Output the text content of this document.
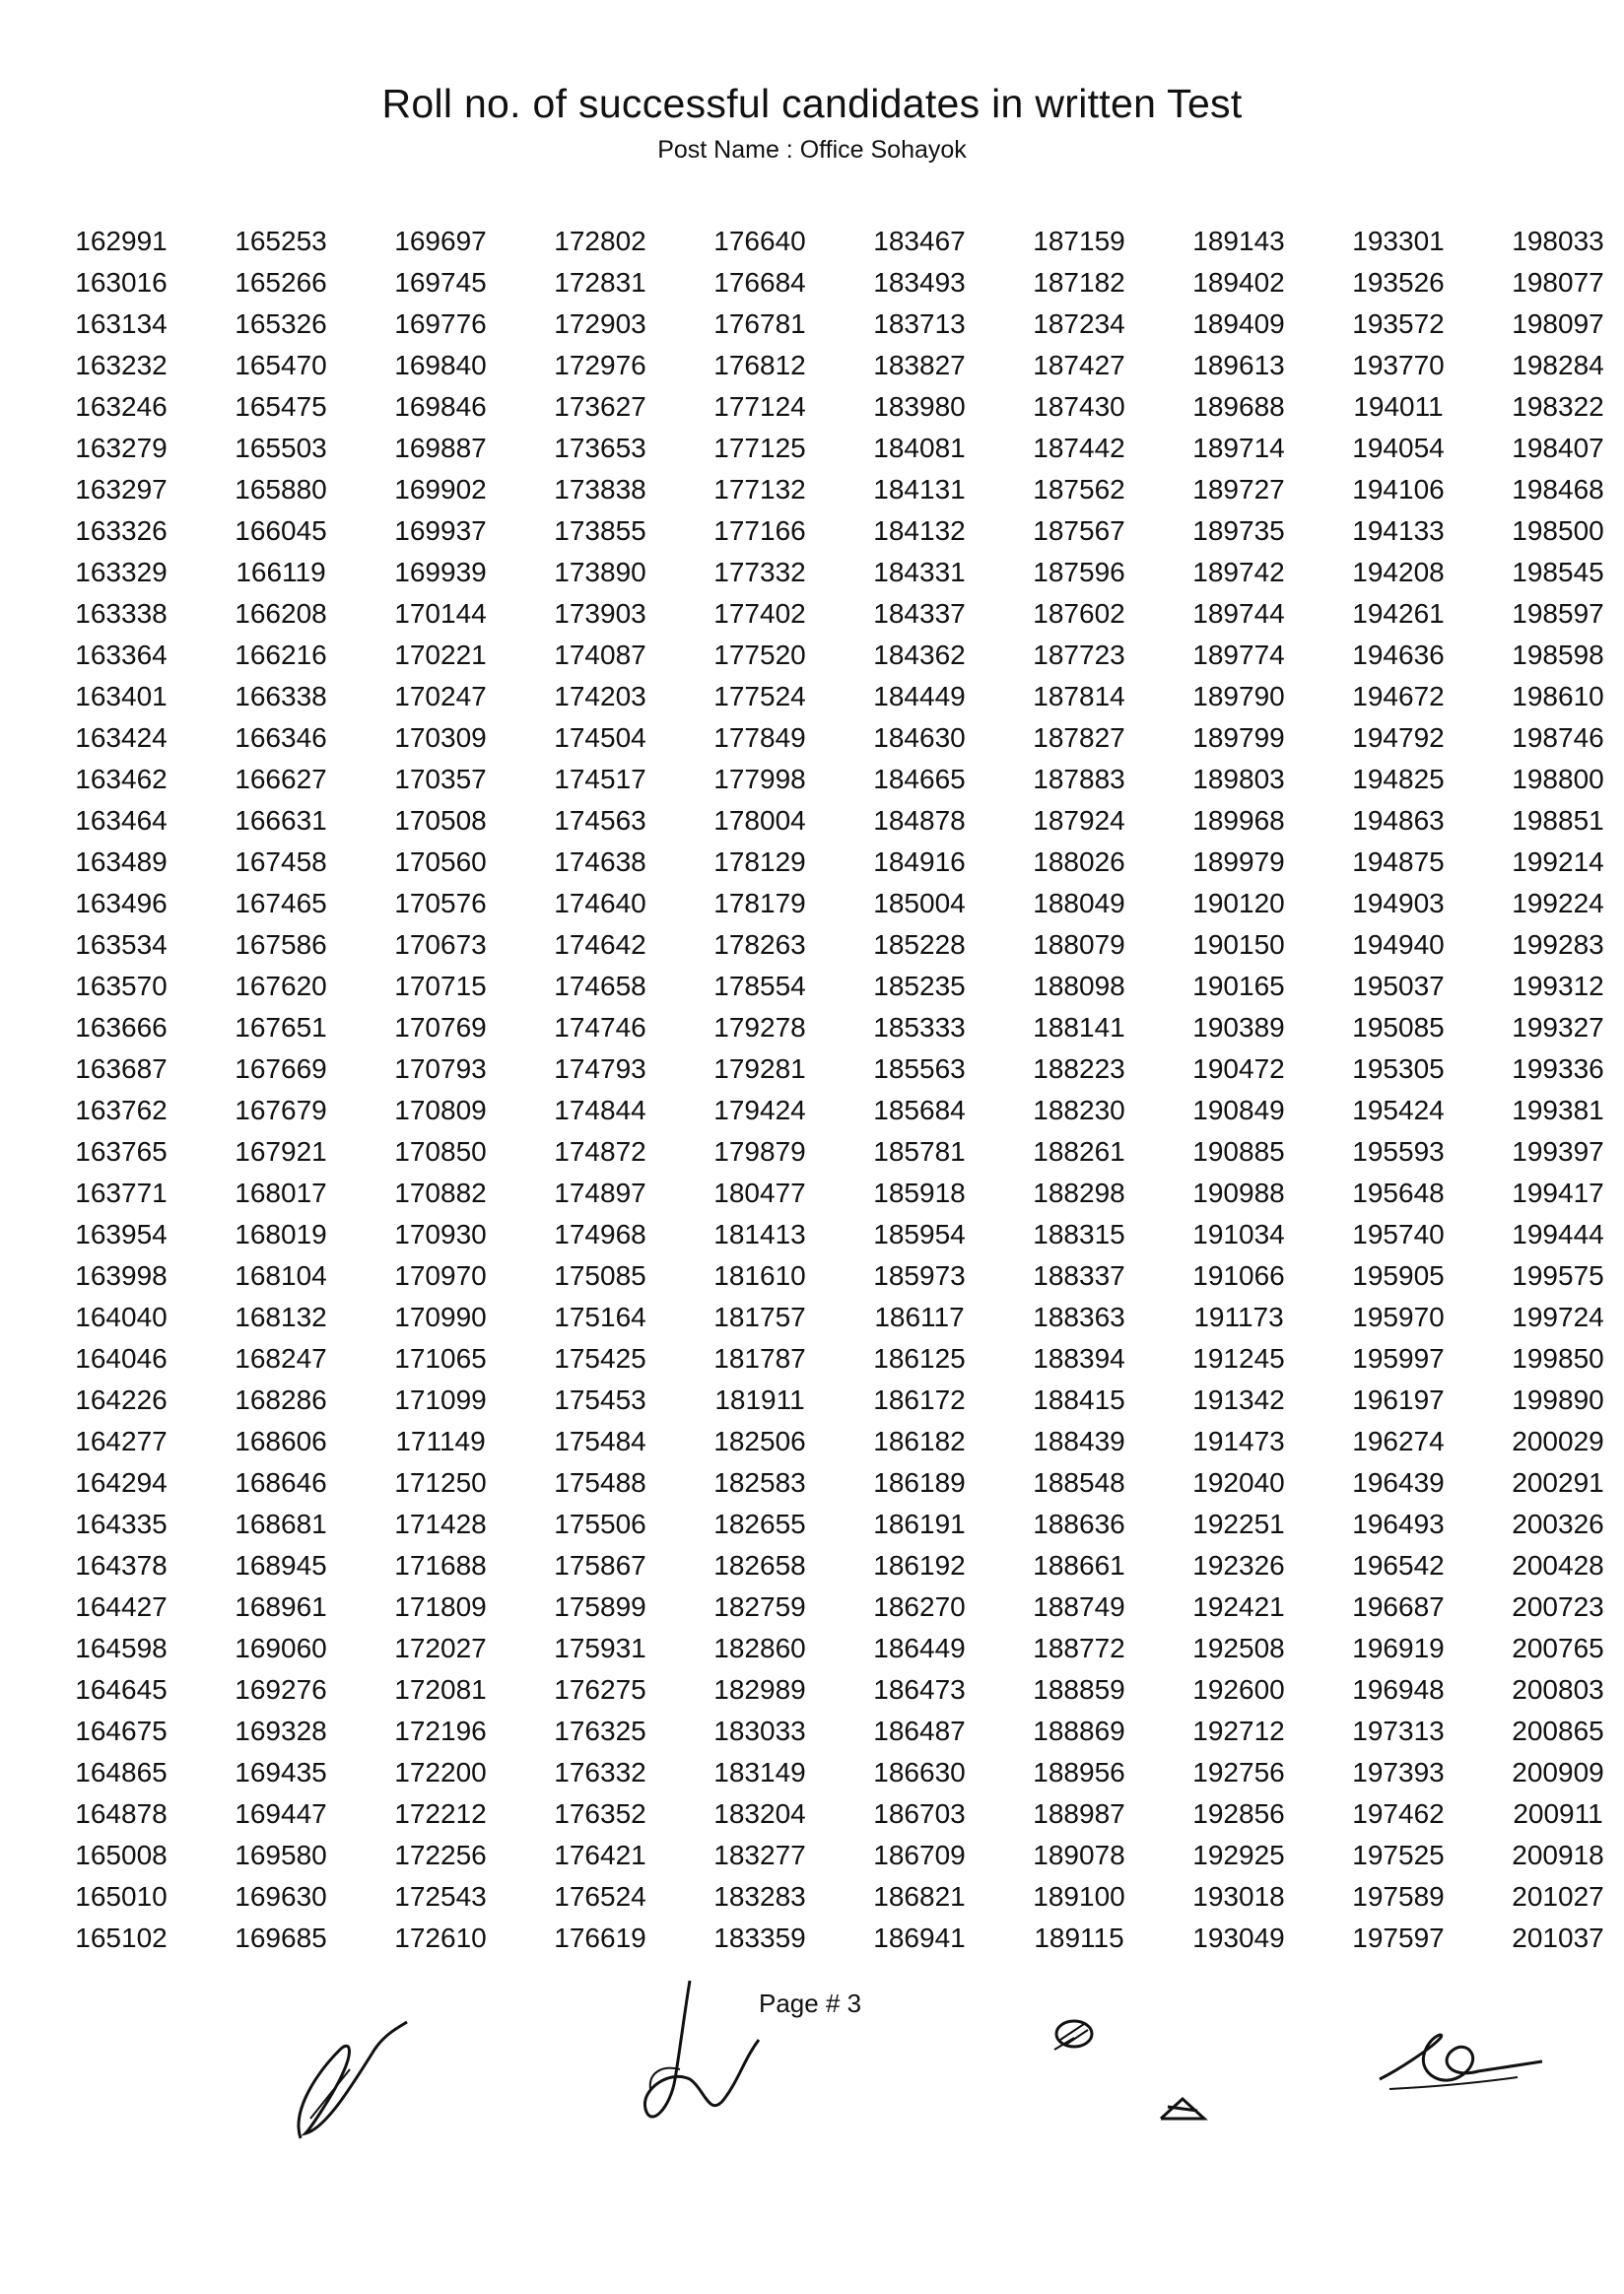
Roll no. of successful candidates in written Test
Post Name : Office Sohayok
162991	165253	169697	172802	176640	183467	187159	189143	193301	198033
163016	165266	169745	172831	176684	183493	187182	189402	193526	198077
163134	165326	169776	172903	176781	183713	187234	189409	193572	198097
163232	165470	169840	172976	176812	183827	187427	189613	193770	198284
163246	165475	169846	173627	177124	183980	187430	189688	194011	198322
163279	165503	169887	173653	177125	184081	187442	189714	194054	198407
163297	165880	169902	173838	177132	184131	187562	189727	194106	198468
163326	166045	169937	173855	177166	184132	187567	189735	194133	198500
163329	166119	169939	173890	177332	184331	187596	189742	194208	198545
163338	166208	170144	173903	177402	184337	187602	189744	194261	198597
163364	166216	170221	174087	177520	184362	187723	189774	194636	198598
163401	166338	170247	174203	177524	184449	187814	189790	194672	198610
163424	166346	170309	174504	177849	184630	187827	189799	194792	198746
163462	166627	170357	174517	177998	184665	187883	189803	194825	198800
163464	166631	170508	174563	178004	184878	187924	189968	194863	198851
163489	167458	170560	174638	178129	184916	188026	189979	194875	199214
163496	167465	170576	174640	178179	185004	188049	190120	194903	199224
163534	167586	170673	174642	178263	185228	188079	190150	194940	199283
163570	167620	170715	174658	178554	185235	188098	190165	195037	199312
163666	167651	170769	174746	179278	185333	188141	190389	195085	199327
163687	167669	170793	174793	179281	185563	188223	190472	195305	199336
163762	167679	170809	174844	179424	185684	188230	190849	195424	199381
163765	167921	170850	174872	179879	185781	188261	190885	195593	199397
163771	168017	170882	174897	180477	185918	188298	190988	195648	199417
163954	168019	170930	174968	181413	185954	188315	191034	195740	199444
163998	168104	170970	175085	181610	185973	188337	191066	195905	199575
164040	168132	170990	175164	181757	186117	188363	191173	195970	199724
164046	168247	171065	175425	181787	186125	188394	191245	195997	199850
164226	168286	171099	175453	181911	186172	188415	191342	196197	199890
164277	168606	171149	175484	182506	186182	188439	191473	196274	200029
164294	168646	171250	175488	182583	186189	188548	192040	196439	200291
164335	168681	171428	175506	182655	186191	188636	192251	196493	200326
164378	168945	171688	175867	182658	186192	188661	192326	196542	200428
164427	168961	171809	175899	182759	186270	188749	192421	196687	200723
164598	169060	172027	175931	182860	186449	188772	192508	196919	200765
164645	169276	172081	176275	182989	186473	188859	192600	196948	200803
164675	169328	172196	176325	183033	186487	188869	192712	197313	200865
164865	169435	172200	176332	183149	186630	188956	192756	197393	200909
164878	169447	172212	176352	183204	186703	188987	192856	197462	200911
165008	169580	172256	176421	183277	186709	189078	192925	197525	200918
165010	169630	172543	176524	183283	186821	189100	193018	197589	201027
165102	169685	172610	176619	183359	186941	189115	193049	197597	201037
Page # 3
